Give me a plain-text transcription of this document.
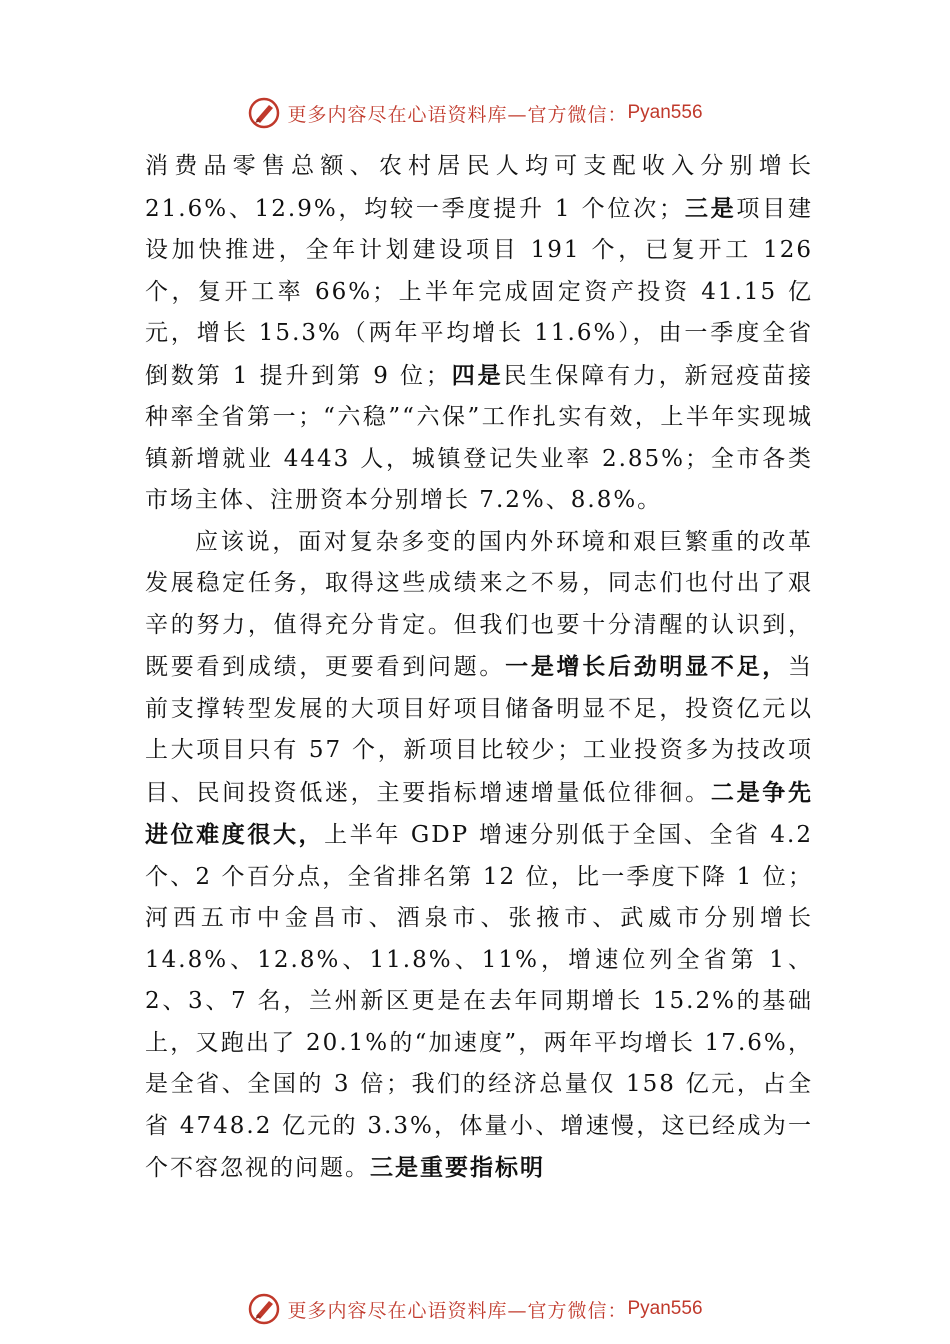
更多内容尽在心语资料库—官方微信： Pyan556

消费品零售总额、农村居民人均可支配收入分别增长 21.6%、12.9%，均较一季度提升 1 个位次；三是项目建设加快推进，全年计划建设项目 191 个，已复开工 126 个，复开工率 66%；上半年完成固定资产投资 41.15 亿元，增长 15.3%（两年平均增长 11.6%），由一季度全省倒数第 1 提升到第 9 位；四是民生保障有力，新冠疫苗接种率全省第一；“六稳”“六保”工作扎实有效，上半年实现城镇新增就业 4443 人，城镇登记失业率 2.85%；全市各类市场主体、注册资本分别增长 7.2%、8.8%。

应该说，面对复杂多变的国内外环境和艰巨繁重的改革发展稳定任务，取得这些成绩来之不易，同志们也付出了艰辛的努力，值得充分肯定。但我们也要十分清醒的认识到，既要看到成绩，更要看到问题。一是增长后劲明显不足，当前支撑转型发展的大项目好项目储备明显不足，投资亿元以上大项目只有 57 个，新项目比较少；工业投资多为技改项目、民间投资低迷，主要指标增速增量低位徘徊。二是争先进位难度很大，上半年 GDP 增速分别低于全国、全省 4.2 个、2 个百分点，全省排名第 12 位，比一季度下降 1 位；河西五市中金昌市、酒泉市、张掖市、武威市分别增长 14.8%、12.8%、11.8%、11%，增速位列全省第 1、2、3、7 名，兰州新区更是在去年同期增长 15.2%的基础上，又跑出了 20.1%的“加速度”，两年平均增长 17.6%，是全省、全国的 3 倍；我们的经济总量仅 158 亿元，占全省 4748.2 亿元的 3.3%，体量小、增速慢，这已经成为一个不容忽视的问题。三是重要指标明

更多内容尽在心语资料库—官方微信： Pyan556
